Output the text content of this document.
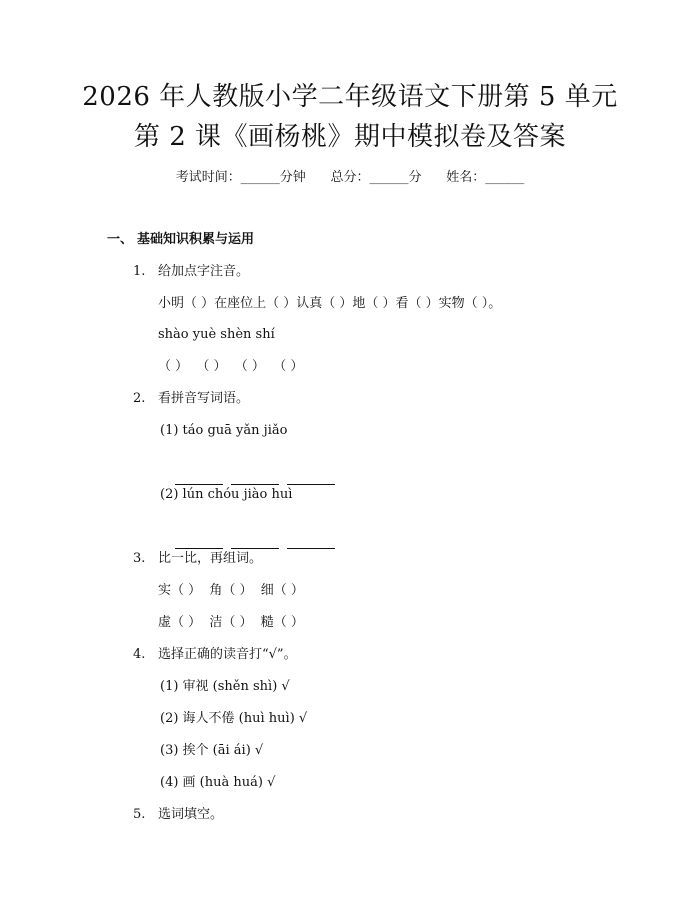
2026 年人教版小学二年级语文下册第 5 单元
第 2 课《画杨桃》期中模拟卷及答案
考试时间：______分钟      总分：______分      姓名：______
一、 基础知识积累与运用
1. 给加点字注音。
小明（ ）在座位上（ ）认真（ ）地（ ）看（ ）实物（ ）。
shào yuè shèn shí
（ ）  （ ）  （ ）  （ ）
2. 看拼音写词语。
(1) táo guā yǎn jiǎo

(2) lún chóu jiào huì

3. 比一比，再组词。
实（ ）  角（ ）  细（ ）
虚（ ）  洁（ ）  糙（ ）
4. 选择正确的读音打“√”。
(1) 审视 (shěn shì) √
(2) 诲人不倦 (huì huì) √
(3) 挨个 (āi ái) √
(4) 画 (huà huá) √
5. 选词填空。
